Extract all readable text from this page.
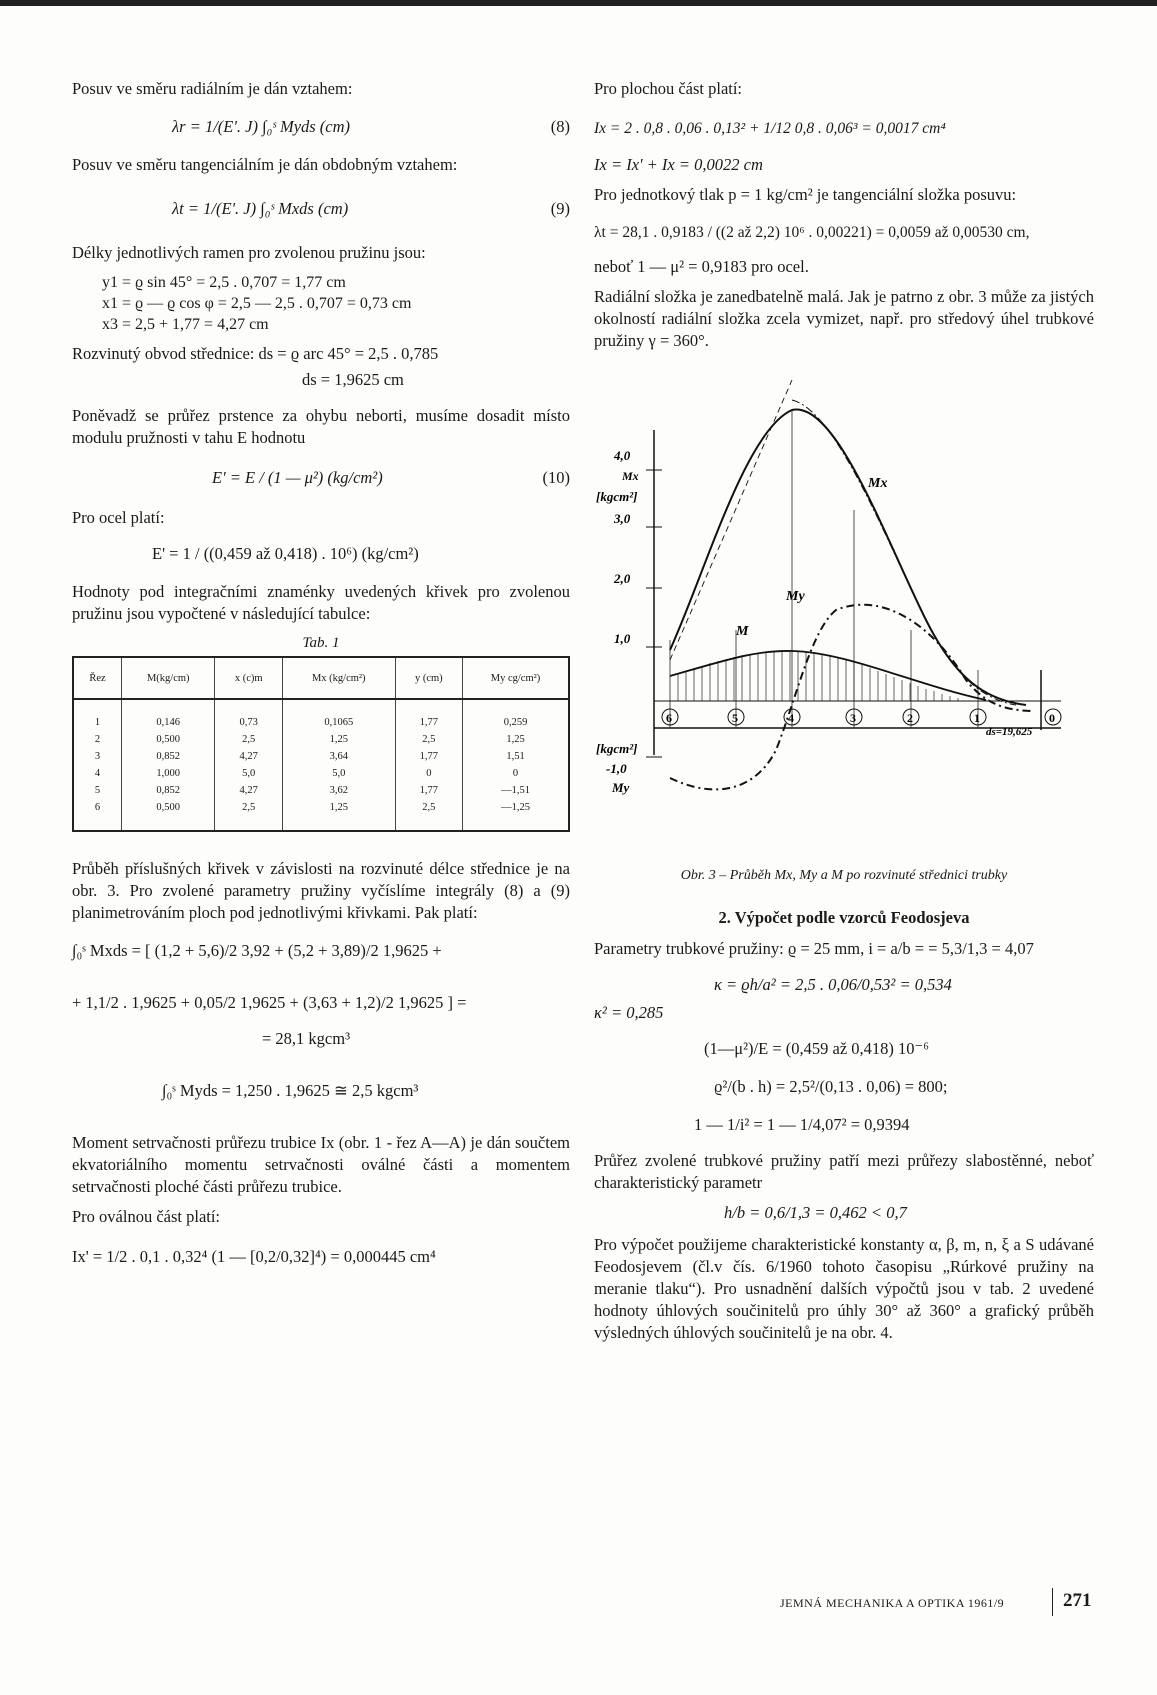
Posuv ve směru radiálním je dán vztahem:

λr = 1/(E'. J) ∫₀ˢ Myds (cm)	(8)

Posuv ve směru tangenciálním je dán obdobným vztahem:

λt = 1/(E'. J) ∫₀ˢ Mxds (cm)	(9)

Délky jednotlivých ramen pro zvolenou pružinu jsou:

y1 = ϱ sin 45° = 2,5 . 0,707 = 1,77 cm
x1 = ϱ — ϱ cos φ = 2,5 — 2,5 . 0,707 = 0,73 cm
x3 = 2,5 + 1,77 = 4,27 cm

Rozvinutý obvod střednice: ds = ϱ arc 45° = 2,5 . 0,785

ds = 1,9625 cm

Poněvadž se průřez prstence za ohybu neborti, musíme dosadit místo modulu pružnosti v tahu E hodnotu

E' = E / (1 — μ²) (kg/cm²)	(10)

Pro ocel platí:

E' = 1 / ((0,459 až 0,418) . 10⁶) (kg/cm²)

Hodnoty pod integračními znaménky uvedených křivek pro zvolenou pružinu jsou vypočtené v následující tabulce:

Tab. 1
Řez	M(kg/cm)	x (c)m	Mx (kg/cm²)	y (cm)	My cg/cm²)
1	0,146	0,73	0,1065	1,77	0,259
2	0,500	2,5	1,25	2,5	1,25
3	0,852	4,27	3,64	1,77	1,51
4	1,000	5,0	5,0	0	0
5	0,852	4,27	3,62	1,77	—1,51
6	0,500	2,5	1,25	2,5	—1,25

Průběh příslušných křivek v závislosti na rozvinuté délce střednice je na obr. 3. Pro zvolené parametry pružiny vyčíslíme integrály (8) a (9) planimetrováním ploch pod jednotlivými křivkami. Pak platí:

∫₀ˢ Mxds = [ (1,2 + 5,6)/2 3,92 + (5,2 + 3,89)/2 1,9625 +
+ 1,1/2 . 1,9625 + 0,05/2 1,9625 + (3,63 + 1,2)/2 1,9625 ] =
= 28,1 kgcm³
∫₀ˢ Myds = 1,250 . 1,9625 ≅ 2,5 kgcm³

Moment setrvačnosti průřezu trubice Ix (obr. 1 - řez A—A) je dán součtem ekvatoriálního momentu setrvačnosti oválné části a momentem setrvačnosti ploché části průřezu trubice.

Pro oválnou část platí:

Ix' = 1/2 . 0,1 . 0,32⁴ (1 — [0,2/0,32]⁴) = 0,000445 cm⁴

Pro plochou část platí:

Ix = 2 . 0,8 . 0,06 . 0,13² + 1/12 0,8 . 0,06³ = 0,0017 cm⁴
Ix = Ix' + Ix = 0,0022 cm

Pro jednotkový tlak p = 1 kg/cm² je tangenciální složka posuvu:

λt = 28,1 . 0,9183 / ((2 až 2,2) 10⁶ . 0,00221) = 0,0059 až 0,00530 cm,

neboť 1 — μ² = 0,9183 pro ocel.

Radiální složka je zanedbatelně malá. Jak je patrno z obr. 3 může za jistých okolností radiální složka zcela vymizet, např. pro středový úhel trubkové pružiny γ = 360°.

4,0
Mx
[kgcm²]
3,0
2,0
1,0
[kgcm²]
-1,0
My
Mx
My
M
6	5	4	3	2	1	0
ds=19,625
Obr. 3 – Průběh Mx, My a M po rozvinuté střednici trubky
2. Výpočet podle vzorců Feodosjeva

Parametry trubkové pružiny: ϱ = 25 mm, i = a/b = = 5,3/1,3 = 4,07

κ = ϱh/a² = 2,5 . 0,06/0,53² = 0,534
κ² = 0,285
(1—μ²)/E = (0,459 až 0,418) 10⁻⁶
ϱ²/(b . h) = 2,5²/(0,13 . 0,06) = 800;
1 — 1/i² = 1 — 1/4,07² = 0,9394

Průřez zvolené trubkové pružiny patří mezi průřezy slabostěnné, neboť charakteristický parametr

h/b = 0,6/1,3 = 0,462 < 0,7

Pro výpočet použijeme charakteristické konstanty α, β, m, n, ξ a S udávané Feodosjevem (čl.v čís. 6/1960 tohoto časopisu „Rúrkové pružiny na meranie tlaku“). Pro usnadnění dalších výpočtů jsou v tab. 2 uvedené hodnoty úhlových součinitelů pro úhly 30° až 360° a grafický průběh výsledných úhlových součinitelů je na obr. 4.

JEMNÁ MECHANIKA A OPTIKA 1961/9	271
